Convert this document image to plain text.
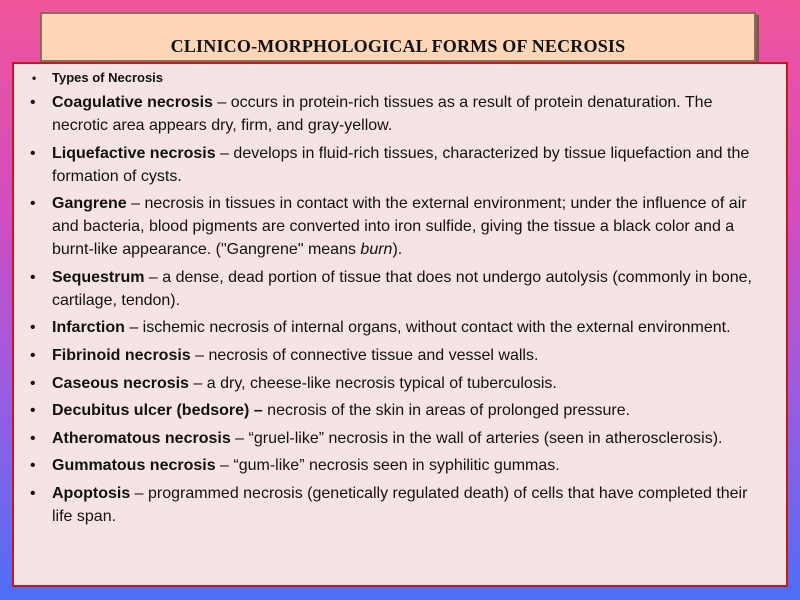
CLINICO-MORPHOLOGICAL FORMS OF NECROSIS
• Types of Necrosis
• Coagulative necrosis – occurs in protein-rich tissues as a result of protein denaturation. The necrotic area appears dry, firm, and gray-yellow.
• Liquefactive necrosis – develops in fluid-rich tissues, characterized by tissue liquefaction and the formation of cysts.
• Gangrene – necrosis in tissues in contact with the external environment; under the influence of air and bacteria, blood pigments are converted into iron sulfide, giving the tissue a black color and a burnt-like appearance. ("Gangrene" means burn).
• Sequestrum – a dense, dead portion of tissue that does not undergo autolysis (commonly in bone, cartilage, tendon).
• Infarction – ischemic necrosis of internal organs, without contact with the external environment.
• Fibrinoid necrosis – necrosis of connective tissue and vessel walls.
• Caseous necrosis – a dry, cheese-like necrosis typical of tuberculosis.
• Decubitus ulcer (bedsore) – necrosis of the skin in areas of prolonged pressure.
• Atheromatous necrosis – “gruel-like” necrosis in the wall of arteries (seen in atherosclerosis).
• Gummatous necrosis – “gum-like” necrosis seen in syphilitic gummas.
• Apoptosis – programmed necrosis (genetically regulated death) of cells that have completed their life span.
